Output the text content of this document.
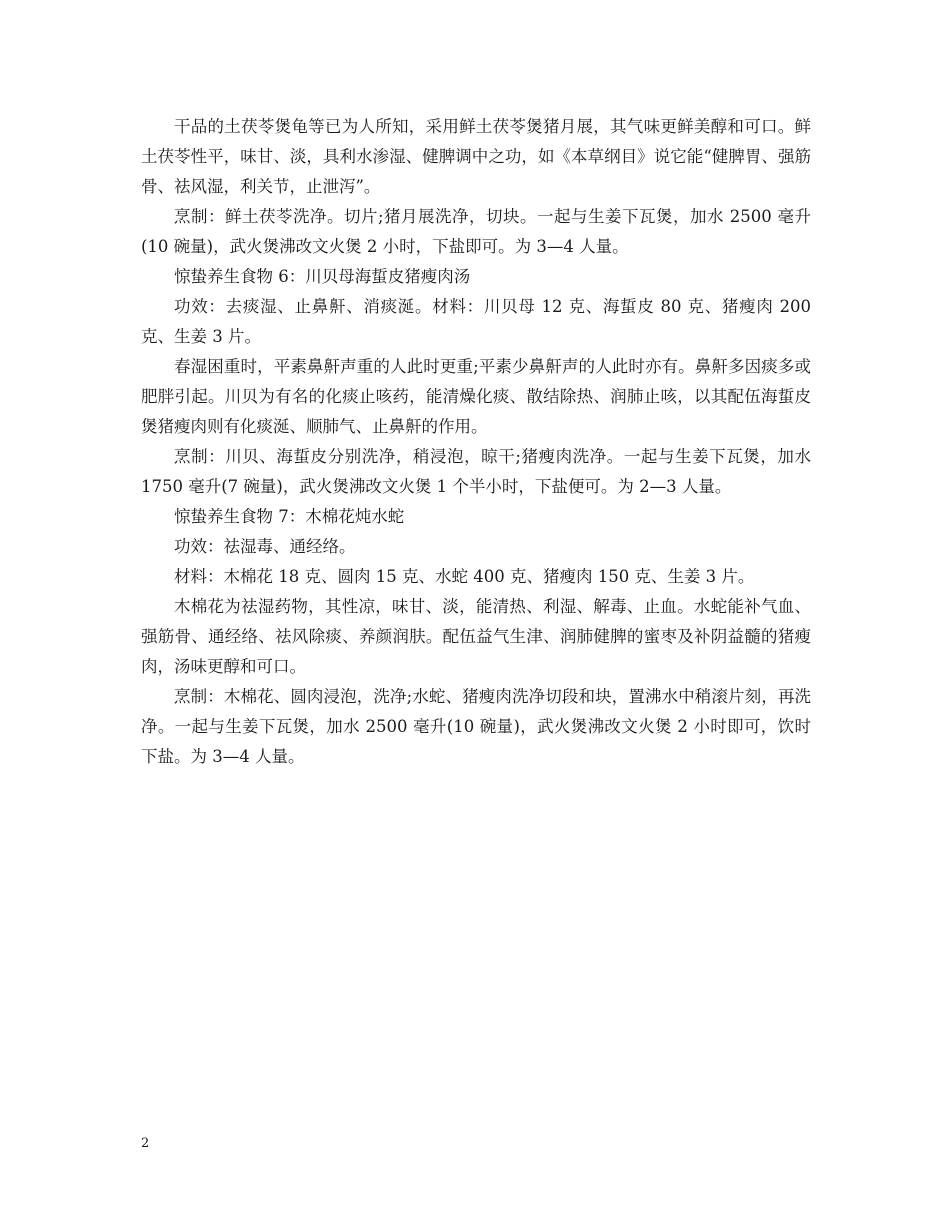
干品的土茯苓煲龟等已为人所知，采用鲜土茯苓煲猪月展，其气味更鲜美醇和可口。鲜土茯苓性平，味甘、淡，具利水渗湿、健脾调中之功，如《本草纲目》说它能“健脾胃、强筋骨、祛风湿，利关节，止泄泻”。

烹制：鲜土茯苓洗净。切片;猪月展洗净，切块。一起与生姜下瓦煲，加水 2500 毫升(10 碗量)，武火煲沸改文火煲 2 小时，下盐即可。为 3—4 人量。

惊蛰养生食物 6：川贝母海蜇皮猪瘦肉汤

功效：去痰湿、止鼻鼾、消痰涎。材料：川贝母 12 克、海蜇皮 80 克、猪瘦肉 200 克、生姜 3 片。

春湿困重时，平素鼻鼾声重的人此时更重;平素少鼻鼾声的人此时亦有。鼻鼾多因痰多或肥胖引起。川贝为有名的化痰止咳药，能清燥化痰、散结除热、润肺止咳，以其配伍海蜇皮煲猪瘦肉则有化痰涎、顺肺气、止鼻鼾的作用。

烹制：川贝、海蜇皮分别洗净，稍浸泡，晾干;猪瘦肉洗净。一起与生姜下瓦煲，加水 1750 毫升(7 碗量)，武火煲沸改文火煲 1 个半小时，下盐便可。为 2—3 人量。

惊蛰养生食物 7：木棉花炖水蛇

功效：祛湿毒、通经络。

材料：木棉花 18 克、圆肉 15 克、水蛇 400 克、猪瘦肉 150 克、生姜 3 片。

木棉花为祛湿药物，其性凉，味甘、淡，能清热、利湿、解毒、止血。水蛇能补气血、强筋骨、通经络、祛风除痰、养颜润肤。配伍益气生津、润肺健脾的蜜枣及补阴益髓的猪瘦肉，汤味更醇和可口。

烹制：木棉花、圆肉浸泡，洗净;水蛇、猪瘦肉洗净切段和块，置沸水中稍滚片刻，再洗净。一起与生姜下瓦煲，加水 2500 毫升(10 碗量)，武火煲沸改文火煲 2 小时即可，饮时下盐。为 3—4 人量。

2
